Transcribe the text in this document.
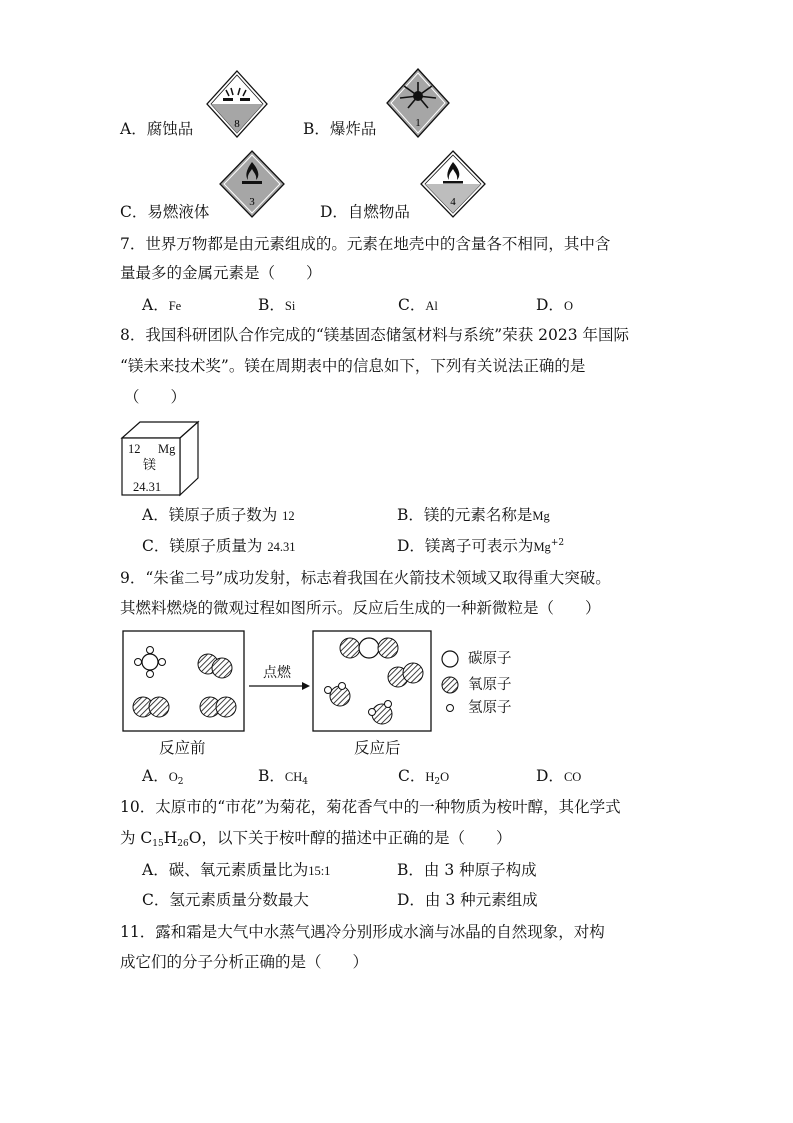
A．腐蚀品	8	B．爆炸品	1
C．易燃液体
3
D．自燃物品
4
7．世界万物都是由元素组成的。元素在地壳中的含量各不相同，其中含
量最多的金属元素是（　　）
A．Fe	B．Si	C．Al	D．O
8．我国科研团队合作完成的“镁基固态储氢材料与系统”荣获 2023 年国际
“镁未来技术奖”。镁在周期表中的信息如下，下列有关说法正确的是
（　　）
12 Mg
镁
24.31
A．镁原子质子数为 12	B．镁的元素名称是Mg
C．镁原子质量为 24.31	D．镁离子可表示为$Mg^{+2}$
9．“朱雀二号”成功发射，标志着我国在火箭技术领域又取得重大突破。
其燃料燃烧的微观过程如图所示。反应后生成的一种新微粒是（　　）
点燃
碳原子
氧原子
氢原子
反应前	反应后
A．$O_2$	B．$CH_4$	C．$H_2O$	D．CO
10．太原市的“市花”为菊花，菊花香气中的一种物质为桉叶醇，其化学式
为 $C_{15}H_{26}O$，以下关于桉叶醇的描述中正确的是（　　）
A．碳、氧元素质量比为15:1	B．由 3 种原子构成
C．氢元素质量分数最大	D．由 3 种元素组成
11．露和霜是大气中水蒸气遇冷分别形成水滴与冰晶的自然现象，对构
成它们的分子分析正确的是（　　）
